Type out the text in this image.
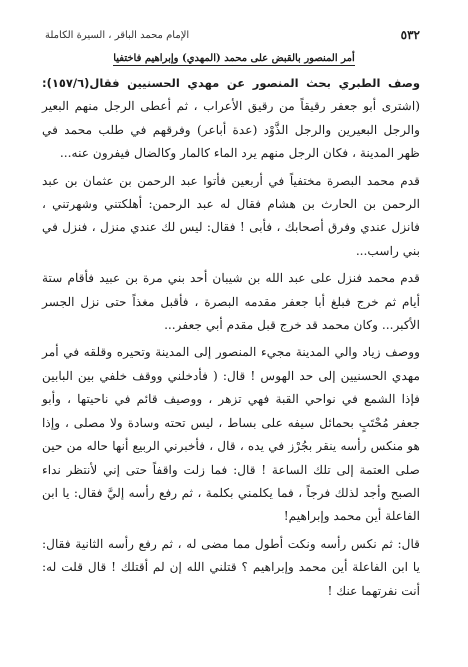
٥٣٢
الإمام محمد الباقر ، السيرة الكاملة
أمر المنصور بالقبض على محمد (المهدي) وإبراهيم فاختفيا

وصف الطبري بحث المنصور عن مهدي الحسنيين فقال(١٥٧/٦): (اشترى أبو جعفر رقيقاً من رقيق الأعراب ، ثم أعطى الرجل منهم البعير والرجل البعيرين والرجل الذَّوْد (عدة أباعر) وفرقهم في طلب محمد في ظهر المدينة ، فكان الرجل منهم يرد الماء كالمار وكالضال فيفرون عنه...

قدم محمد البصرة مختفياً في أربعين فأتوا عبد الرحمن بن عثمان بن عبد الرحمن بن الحارث بن هشام فقال له عبد الرحمن: أهلكتني وشهرتني ، فانزل عندي وفرق أصحابك ، فأبى ! فقال: ليس لك عندي منزل ، فنزل في بني راسب...

قدم محمد فنزل على عبد الله بن شيبان أحد بني مرة بن عبيد فأقام ستة أيام ثم خرج فبلغ أبا جعفر مقدمه البصرة ، فأقبل مغذاً حتى نزل الجسر الأكبر... وكان محمد قد خرج قبل مقدم أبي جعفر...

ووصف زياد والي المدينة مجيء المنصور إلى المدينة وتحيره وقلقه في أمر مهدي الحسنيين إلى حد الهوس ! قال: ( فأدخلني ووقف خلفي بين البابين فإذا الشمع في نواحي القبة فهي تزهر ، ووصيف قائم في ناحيتها ، وأبو جعفر مُحْتَبٍ بحمائل سيفه على بساط ، ليس تحته وسادة ولا مصلى ، وإذا هو منكس رأسه ينقر بجُرْز في يده ، قال ، فأخبرني الربيع أنها حاله من حين صلى العتمة إلى تلك الساعة ! قال: فما زلت واقفاً حتى إني لأنتظر نداء الصبح وأجد لذلك فرجاً ، فما يكلمني بكلمة ، ثم رفع رأسه إليَّ فقال: يا ابن الفاعلة أين محمد وإبراهيم!

قال: ثم نكس رأسه ونكت أطول مما مضى له ، ثم رفع رأسه الثانية فقال: يا ابن الفاعلة أين محمد وإبراهيم ؟ قتلني الله إن لم أقتلك ! قال قلت له: أنت نفرتهما عنك !
